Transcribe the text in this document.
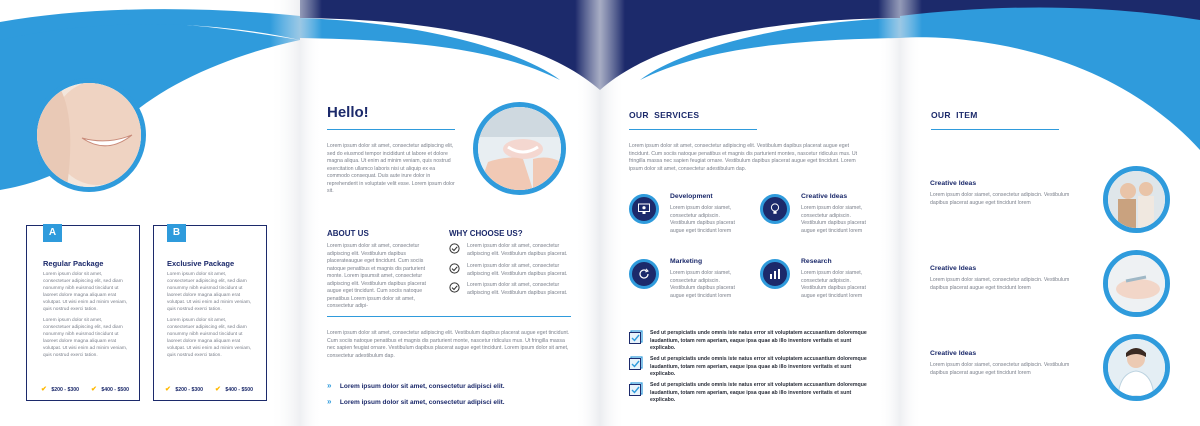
A
Regular Package
Lorem ipsum dolor sit amet, consectetuer adipiscing elit, sed diam nonummy nibh euismod tincidunt ut laoreet dolore magna aliquam erat volutpat. Ut wisi enim ad minim veniam, quis nostrud exerci tation.
Lorem ipsum dolor sit amet, consectetuer adipiscing elit, sed diam nonummy nibh euismod tincidunt ut laoreet dolore magna aliquam erat volutpat. Ut wisi enim ad minim veniam, quis nostrud exerci tation.
✔ $200 - $300 ✔ $400 - $500
B
Exclusive Package
Lorem ipsum dolor sit amet, consectetuer adipiscing elit, sed diam nonummy nibh euismod tincidunt ut laoreet dolore magna aliquam erat volutpat. Ut wisi enim ad minim veniam, quis nostrud exerci tation.
Lorem ipsum dolor sit amet, consectetuer adipiscing elit, sed diam nonummy nibh euismod tincidunt ut laoreet dolore magna aliquam erat volutpat. Ut wisi enim ad minim veniam, quis nostrud exerci tation.
✔ $200 - $300 ✔ $400 - $500
Hello!
Lorem ipsum dolor sit amet, consectetur adipiscing elit, sed do eiusmod tempor incididunt ut labore et dolore magna aliqua. Ut enim ad minim veniam, quis nostrud exercitation ullamco laboris nisi ut aliquip ex ea commodo consequat. Duis aute irure dolor in reprehenderit in voluptate velit esse. Lorem ipsum dolor sit.
ABOUT US
Lorem ipsum dolor sit amet, consectetur adipiscing elit. Vestibulum dapibus placerateaugue eget tincidunt. Cum sociis natoque penatibus et magnis dis parturient monte. Lorem ipsumsit amet, consectetur adipiscing elit. Vestibulum dapibus placerat augue eget tincidunt. Cum sociis natoque penatibus Lorem ipsum dolor sit amet, consectetur adipi-
WHY CHOOSE US?
Lorem ipsum dolor sit amet, consectetur adipiscing elit. Vestibulum dapibus placerat.
Lorem ipsum dolor sit amet, consectetur adipiscing elit. Vestibulum dapibus placerat.
Lorem ipsum dolor sit amet, consectetur adipiscing elit. Vestibulum dapibus placerat.
Lorem ipsum dolor sit amet, consectetur adipiscing elit. Vestibulum dapibus placerat augue eget tincidunt. Cum sociis natoque penatibus et magnis dis parturient monte, nascetur ridiculus mus. Ut fringilla massa nec sapien feugiat ornare. Vestibulum dapibus placerat augue eget tincidunt. Lorem ipsum dolor sit amet, consectetur adestibulum dap.
» Lorem ipsum dolor sit amet, consectetur adipisci elit.
» Lorem ipsum dolor sit amet, consectetur adipisci elit.
OUR  SERVICES
Lorem ipsum dolor sit amet, consectetur adipiscing elit. Vestibulum dapibus placerat augue eget tincidunt. Cum sociis natoque penatibus et magnis dis parturient montes, nascetur ridiculus mus. Ut fringilla massa nec sapien feugiat ornare. Vestibulum dapibus placerat augue eget tincidunt. Lorem ipsum dolor sit amet, consectetur adestibulum dap.
Development
Lorem ipsum dolor siamet, consectetur adipiscin. Vestibulum dapibus placerat augue eget tincidunt lorem
Creative Ideas
Lorem ipsum dolor siamet, consectetur adipiscin. Vestibulum dapibus placerat augue eget tincidunt lorem
Marketing
Lorem ipsum dolor siamet, consectetur adipiscin. Vestibulum dapibus placerat augue eget tincidunt lorem
Research
Lorem ipsum dolor siamet, consectetur adipiscin. Vestibulum dapibus placerat augue eget tincidunt lorem
Sed ut perspiciatis unde omnis iste natus error sit voluptatem accusantium doloremque laudantium, totam rem aperiam, eaque ipsa quae ab illo inventore veritatis et sunt explicabo.
Sed ut perspiciatis unde omnis iste natus error sit voluptatem accusantium doloremque laudantium, totam rem aperiam, eaque ipsa quae ab illo inventore veritatis et sunt explicabo.
Sed ut perspiciatis unde omnis iste natus error sit voluptatem accusantium doloremque laudantium, totam rem aperiam, eaque ipsa quae ab illo inventore veritatis et sunt explicabo.
OUR  ITEM
Creative Ideas
Lorem ipsum dolor siamet, consectetur adipiscin. Vestibulum dapibus placerat augue eget tincidunt lorem
Creative Ideas
Lorem ipsum dolor siamet, consectetur adipiscin. Vestibulum dapibus placerat augue eget tincidunt lorem
Creative Ideas
Lorem ipsum dolor siamet, consectetur adipiscin. Vestibulum dapibus placerat augue eget tincidunt lorem
